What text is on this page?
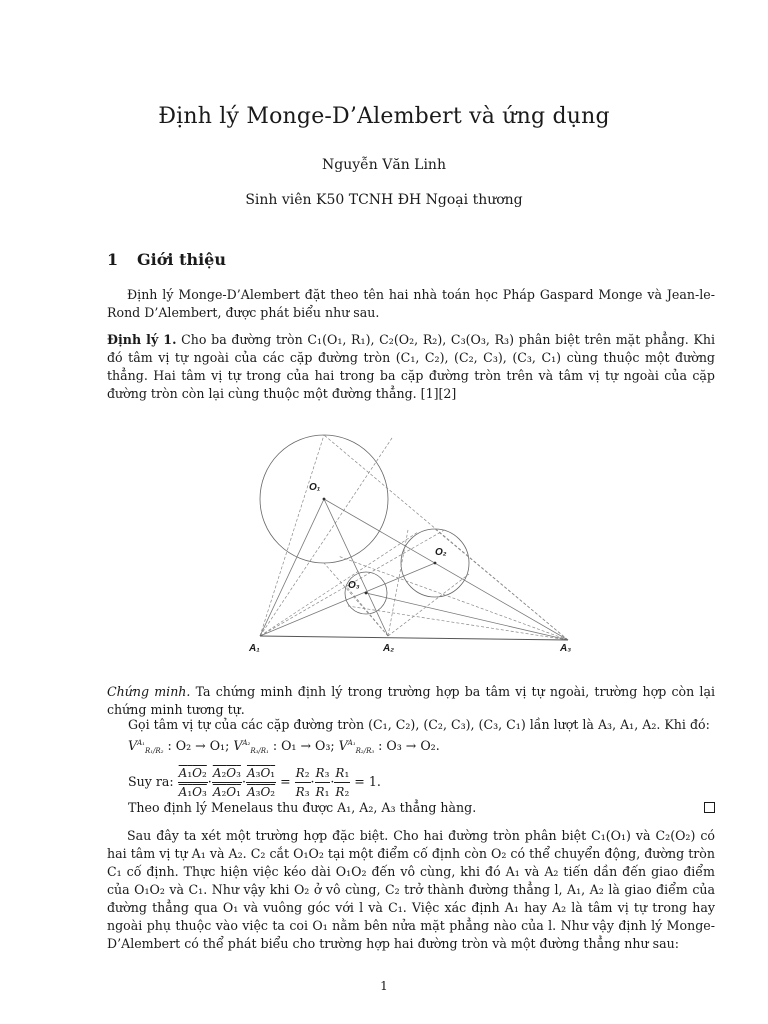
Định lý Monge-D’Alembert và ứng dụng
Nguyễn Văn Linh
Sinh viên K50 TCNH ĐH Ngoại thương
1 Giới thiệu
Định lý Monge-D’Alembert đặt theo tên hai nhà toán học Pháp Gaspard Monge và Jean-le-Rond D’Alembert, được phát biểu như sau.
Định lý 1. Cho ba đường tròn C₁(O₁, R₁), C₂(O₂, R₂), C₃(O₃, R₃) phân biệt trên mặt phẳng. Khi đó tâm vị tự ngoài của các cặp đường tròn (C₁, C₂), (C₂, C₃), (C₃, C₁) cùng thuộc một đường thẳng. Hai tâm vị tự trong của hai trong ba cặp đường tròn trên và tâm vị tự ngoài của cặp đường tròn còn lại cùng thuộc một đường thẳng. [1][2]
O₁
O₂
O₃
A₁	A₂	A₃
Chứng minh. Ta chứng minh định lý trong trường hợp ba tâm vị tự ngoài, trường hợp còn lại chứng minh tương tự.
Gọi tâm vị tự của các cặp đường tròn (C₁, C₂), (C₂, C₃), (C₃, C₁) lần lượt là A₃, A₁, A₂. Khi đó:
$V^{A_1}_{R_1/R_2}$ : O₂ → O₁; $V^{A_2}_{R_3/R_1}$ : O₁ → O₃; $V^{A_1}_{R_2/R_3}$ : O₃ → O₂.
Suy ra: $\frac{\text{A₁O₂}}{\text{A₁O₃}} \cdot \frac{\text{A₂O₃}}{\text{A₂O₁}} \cdot \frac{\text{A₃O₁}}{\text{A₃O₂}} = \frac{\text{R₂}}{\text{R₃}} \cdot \frac{\text{R₃}}{\text{R₁}} \cdot \frac{\text{R₁}}{\text{R₂}} = 1$.
Theo định lý Menelaus thu được A₁, A₂, A₃ thẳng hàng.
Sau đây ta xét một trường hợp đặc biệt. Cho hai đường tròn phân biệt C₁(O₁) và C₂(O₂) có hai tâm vị tự A₁ và A₂. C₂ cắt O₁O₂ tại một điểm cố định còn O₂ có thể chuyển động, đường tròn C₁ cố định. Thực hiện việc kéo dài O₁O₂ đến vô cùng, khi đó A₁ và A₂ tiến dần đến giao điểm của O₁O₂ và C₁. Như vậy khi O₂ ở vô cùng, C₂ trở thành đường thẳng l, A₁, A₂ là giao điểm của đường thẳng qua O₁ và vuông góc với l và C₁. Việc xác định A₁ hay A₂ là tâm vị tự trong hay ngoài phụ thuộc vào việc ta coi O₁ nằm bên nửa mặt phẳng nào của l. Như vậy định lý Monge-D’Alembert có thể phát biểu cho trường hợp hai đường tròn và một đường thẳng như sau:
1
